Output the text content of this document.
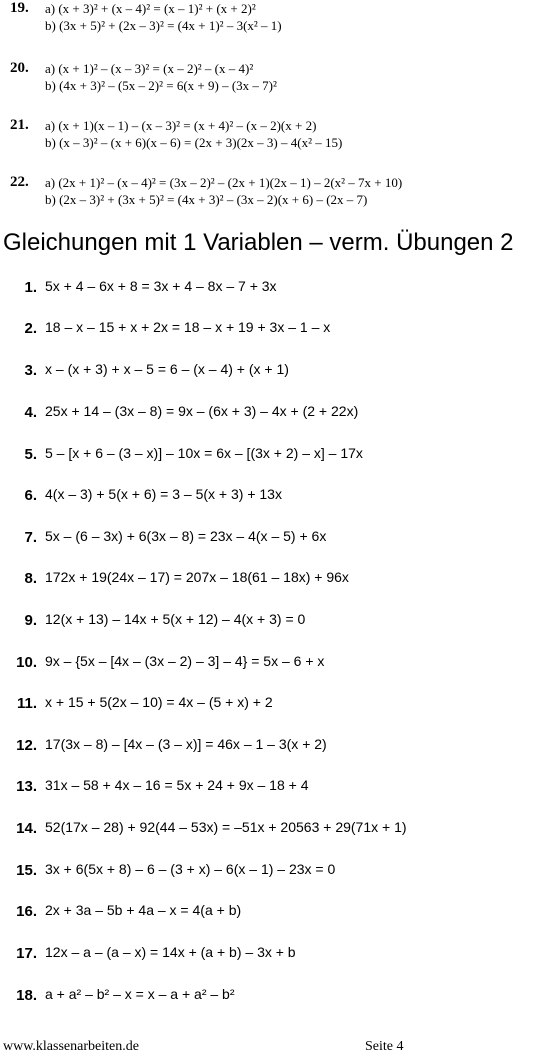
19. a) (x + 3)² + (x – 4)² = (x – 1)² + (x + 2)²
b) (3x + 5)² + (2x – 3)² = (4x + 1)² – 3(x² – 1)
20. a) (x + 1)² – (x – 3)² = (x – 2)² – (x – 4)²
b) (4x + 3)² – (5x – 2)² = 6(x + 9) – (3x – 7)²
21. a) (x + 1)(x – 1) – (x – 3)² = (x + 4)² – (x – 2)(x + 2)
b) (x – 3)² – (x + 6)(x – 6) = (2x + 3)(2x – 3) – 4(x² – 15)
22. a) (2x + 1)² – (x – 4)² = (3x – 2)² – (2x + 1)(2x – 1) – 2(x² – 7x + 10)
b) (2x – 3)² + (3x + 5)² = (4x + 3)² – (3x – 2)(x + 6) – (2x – 7)
Gleichungen mit 1 Variablen – verm. Übungen 2
1. 5x + 4 – 6x + 8 = 3x + 4 – 8x – 7 + 3x
2. 18 – x – 15 + x + 2x = 18 – x + 19 + 3x – 1 – x
3. x – (x + 3) + x – 5 = 6 – (x – 4) + (x + 1)
4. 25x + 14 – (3x – 8) = 9x – (6x + 3) – 4x + (2 + 22x)
5. 5 – [x + 6 – (3 – x)] – 10x = 6x – [(3x + 2) – x] – 17x
6. 4(x – 3) + 5(x + 6) = 3 – 5(x + 3) + 13x
7. 5x – (6 – 3x) + 6(3x – 8) = 23x – 4(x – 5) + 6x
8. 172x + 19(24x – 17) = 207x – 18(61 – 18x) + 96x
9. 12(x + 13) – 14x + 5(x + 12) – 4(x + 3) = 0
10. 9x – {5x – [4x – (3x – 2) – 3] – 4} = 5x – 6 + x
11. x + 15 + 5(2x – 10) = 4x – (5 + x) + 2
12. 17(3x – 8) – [4x – (3 – x)] = 46x – 1 – 3(x + 2)
13. 31x – 58 + 4x – 16 = 5x + 24 + 9x – 18 + 4
14. 52(17x – 28) + 92(44 – 53x) = –51x + 20563 + 29(71x + 1)
15. 3x + 6(5x + 8) – 6 – (3 + x) – 6(x – 1) – 23x = 0
16. 2x + 3a – 5b + 4a – x = 4(a + b)
17. 12x – a – (a – x) = 14x + (a + b) – 3x + b
18. a + a² – b² – x = x – a + a² – b²
www.klassenarbeiten.de	Seite 4
